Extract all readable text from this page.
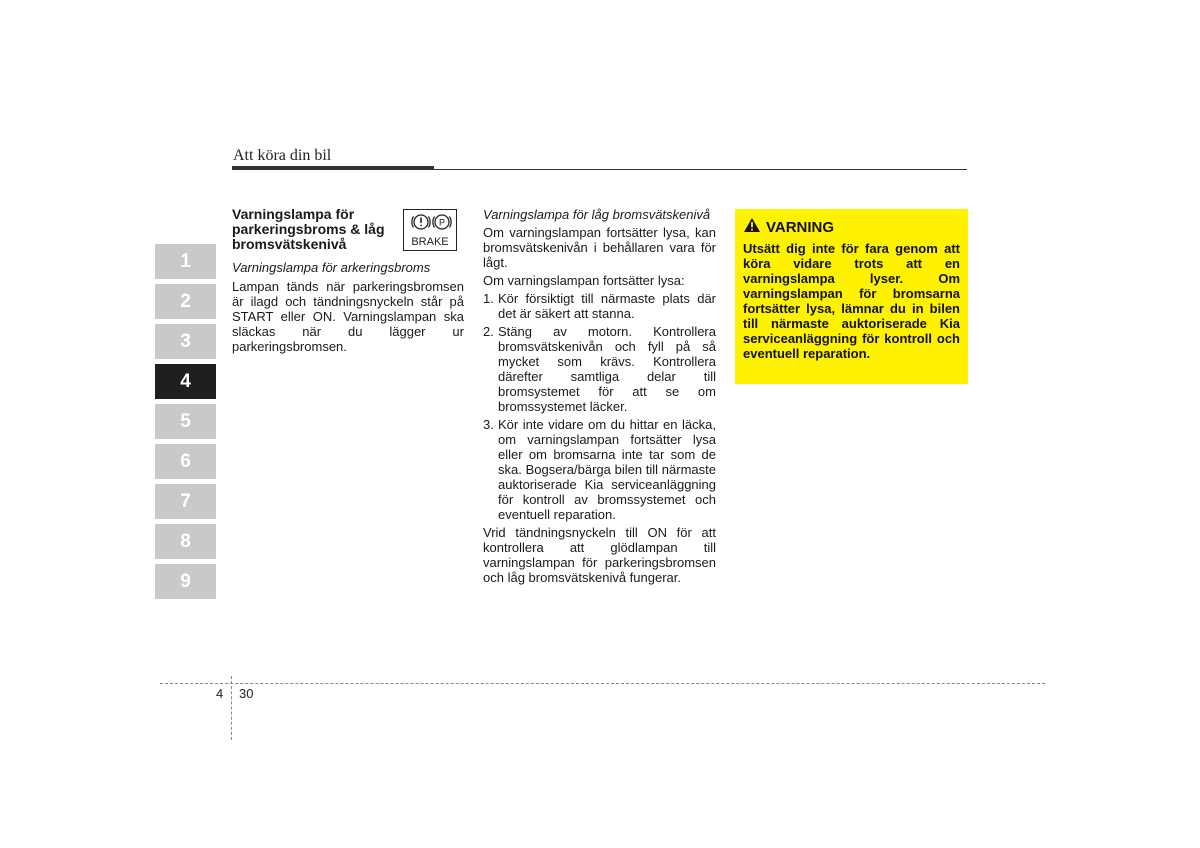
Att köra din bil
1
2
3
4
5
6
7
8
9
Varningslampa för parkeringsbroms & låg bromsvätskenivå
P
BRAKE
Varningslampa för arkeringsbroms
Lampan tänds när parkeringsbromsen är ilagd och tändningsnyckeln står på START eller ON. Varningslampan ska släckas när du lägger ur parkeringsbromsen.
Varningslampa för låg bromsvätskenivå
Om varningslampan fortsätter lysa, kan bromsvätskenivån i behållaren vara för lågt.
Om varningslampan fortsätter lysa:
1. Kör försiktigt till närmaste plats där det är säkert att stanna.
2. Stäng av motorn. Kontrollera bromsvätskenivån och fyll på så mycket som krävs. Kontrollera därefter samtliga delar till bromsystemet för att se om bromssystemet läcker.
3. Kör inte vidare om du hittar en läcka, om varningslampan fortsätter lysa eller om bromsarna inte tar som de ska. Bogsera/bärga bilen till närmaste auktoriserade Kia serviceanläggning för kontroll av bromssystemet och eventuell reparation.
Vrid tändningsnyckeln till ON för att kontrollera att glödlampan till varningslampan för parkeringsbromsen och låg bromsvätskenivå fungerar.
VARNING
Utsätt dig inte för fara genom att köra vidare trots att en varningslampa lyser. Om varningslampan för bromsarna fortsätter lysa, lämnar du in bilen till närmaste auktoriserade Kia serviceanläggning för kontroll och eventuell reparation.
4 30
